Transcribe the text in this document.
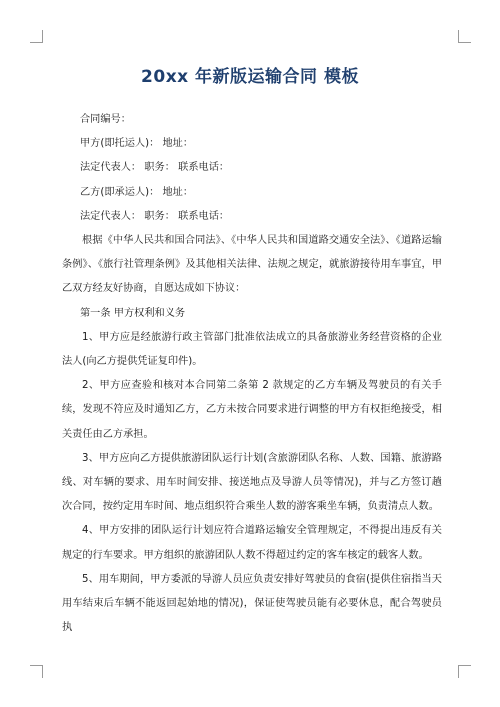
20xx 年新版运输合同 模板

合同编号：

甲方(即托运人)： 地址：

法定代表人： 职务： 联系电话：

乙方(即承运人)： 地址：

法定代表人： 职务： 联系电话：

根据《中华人民共和国合同法》、《中华人民共和国道路交通安全法》、《道路运输条例》、《旅行社管理条例》及其他相关法律、法规之规定，就旅游接待用车事宜，甲乙双方经友好协商，自愿达成如下协议：

第一条 甲方权利和义务

1、甲方应是经旅游行政主管部门批准依法成立的具备旅游业务经营资格的企业法人(向乙方提供凭证复印件)。

2、甲方应查验和核对本合同第二条第 2 款规定的乙方车辆及驾驶员的有关手续，发现不符应及时通知乙方，乙方未按合同要求进行调整的甲方有权拒绝接受，相关责任由乙方承担。

3、甲方应向乙方提供旅游团队运行计划(含旅游团队名称、人数、国籍、旅游路线、对车辆的要求、用车时间安排、接送地点及导游人员等情况)，并与乙方签订趟次合同，按约定用车时间、地点组织符合乘坐人数的游客乘坐车辆，负责清点人数。

4、甲方安排的团队运行计划应符合道路运输安全管理规定，不得提出违反有关规定的行车要求。甲方组织的旅游团队人数不得超过约定的客车核定的载客人数。

5、用车期间，甲方委派的导游人员应负责安排好驾驶员的食宿(提供住宿指当天用车结束后车辆不能返回起始地的情况)，保证使驾驶员能有必要休息，配合驾驶员执
